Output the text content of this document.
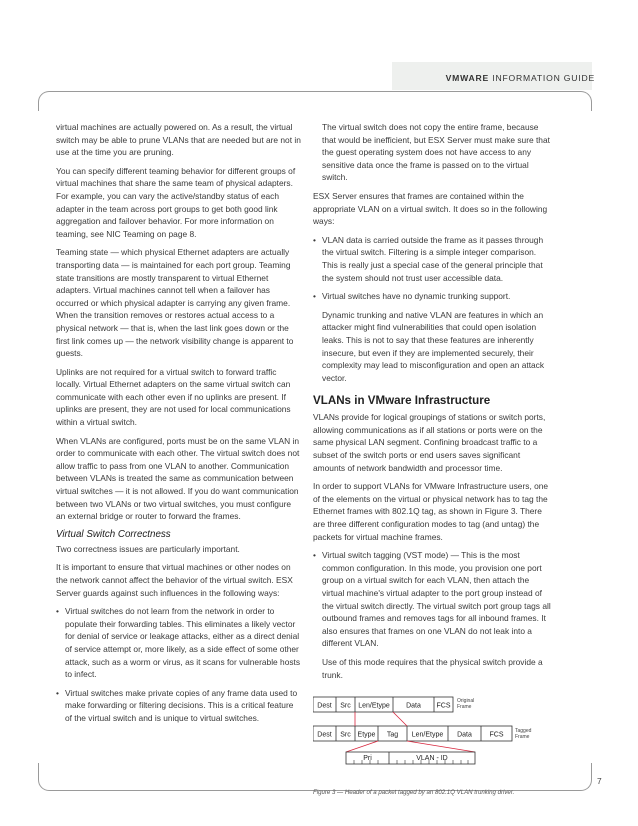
VMWARE INFORMATION GUIDE

virtual machines are actually powered on. As a result, the virtual switch may be able to prune VLANs that are needed but are not in use at the time you are pruning.

You can specify different teaming behavior for different groups of virtual machines that share the same team of physical adapters. For example, you can vary the active/standby status of each adapter in the team across port groups to get both good link aggregation and failover behavior. For more information on teaming, see NIC Teaming on page 8.

Teaming state — which physical Ethernet adapters are actually transporting data — is maintained for each port group. Teaming state transitions are mostly transparent to virtual Ethernet adapters. Virtual machines cannot tell when a failover has occurred or which physical adapter is carrying any given frame. When the transition removes or restores actual access to a physical network — that is, when the last link goes down or the first link comes up — the network visibility change is apparent to guests.

Uplinks are not required for a virtual switch to forward traffic locally. Virtual Ethernet adapters on the same virtual switch can communicate with each other even if no uplinks are present. If uplinks are present, they are not used for local communications within a virtual switch.

When VLANs are configured, ports must be on the same VLAN in order to communicate with each other. The virtual switch does not allow traffic to pass from one VLAN to another. Communication between VLANs is treated the same as communication between virtual switches — it is not allowed. If you do want communication between two VLANs or two virtual switches, you must configure an external bridge or router to forward the frames.

Virtual Switch Correctness

Two correctness issues are particularly important.

It is important to ensure that virtual machines or other nodes on the network cannot affect the behavior of the virtual switch. ESX Server guards against such influences in the following ways:

• Virtual switches do not learn from the network in order to populate their forwarding tables. This eliminates a likely vector for denial of service or leakage attacks, either as a direct denial of service attempt or, more likely, as a side effect of some other attack, such as a worm or virus, as it scans for vulnerable hosts to infect.
• Virtual switches make private copies of any frame data used to make forwarding or filtering decisions. This is a critical feature of the virtual switch and is unique to virtual switches.

The virtual switch does not copy the entire frame, because that would be inefficient, but ESX Server must make sure that the guest operating system does not have access to any sensitive data once the frame is passed on to the virtual switch.

ESX Server ensures that frames are contained within the appropriate VLAN on a virtual switch. It does so in the following ways:

• VLAN data is carried outside the frame as it passes through the virtual switch. Filtering is a simple integer comparison. This is really just a special case of the general principle that the system should not trust user accessible data.
• Virtual switches have no dynamic trunking support.

Dynamic trunking and native VLAN are features in which an attacker might find vulnerabilities that could open isolation leaks. This is not to say that these features are inherently insecure, but even if they are implemented securely, their complexity may lead to misconfiguration and open an attack vector.

VLANs in VMware Infrastructure

VLANs provide for logical groupings of stations or switch ports, allowing communications as if all stations or ports were on the same physical LAN segment. Confining broadcast traffic to a subset of the switch ports or end users saves significant amounts of network bandwidth and processor time.

In order to support VLANs for VMware Infrastructure users, one of the elements on the virtual or physical network has to tag the Ethernet frames with 802.1Q tag, as shown in Figure 3. There are three different configuration modes to tag (and untag) the packets for virtual machine frames.

• Virtual switch tagging (VST mode) — This is the most common configuration. In this mode, you provision one port group on a virtual switch for each VLAN, then attach the virtual machine's virtual adapter to the port group instead of the virtual switch directly. The virtual switch port group tags all outbound frames and removes tags for all inbound frames. It also ensures that frames on one VLAN do not leak into a different VLAN.

Use of this mode requires that the physical switch provide a trunk.

Dest Src Len/Etype Data FCS
Dest Src Etype Tag Len/Etype Data	FCS
Pri	VLAN - ID
Original
Frame
Tagged
Frame

Figure 3 — Header of a packet tagged by an 802.1Q VLAN trunking driver.

7
